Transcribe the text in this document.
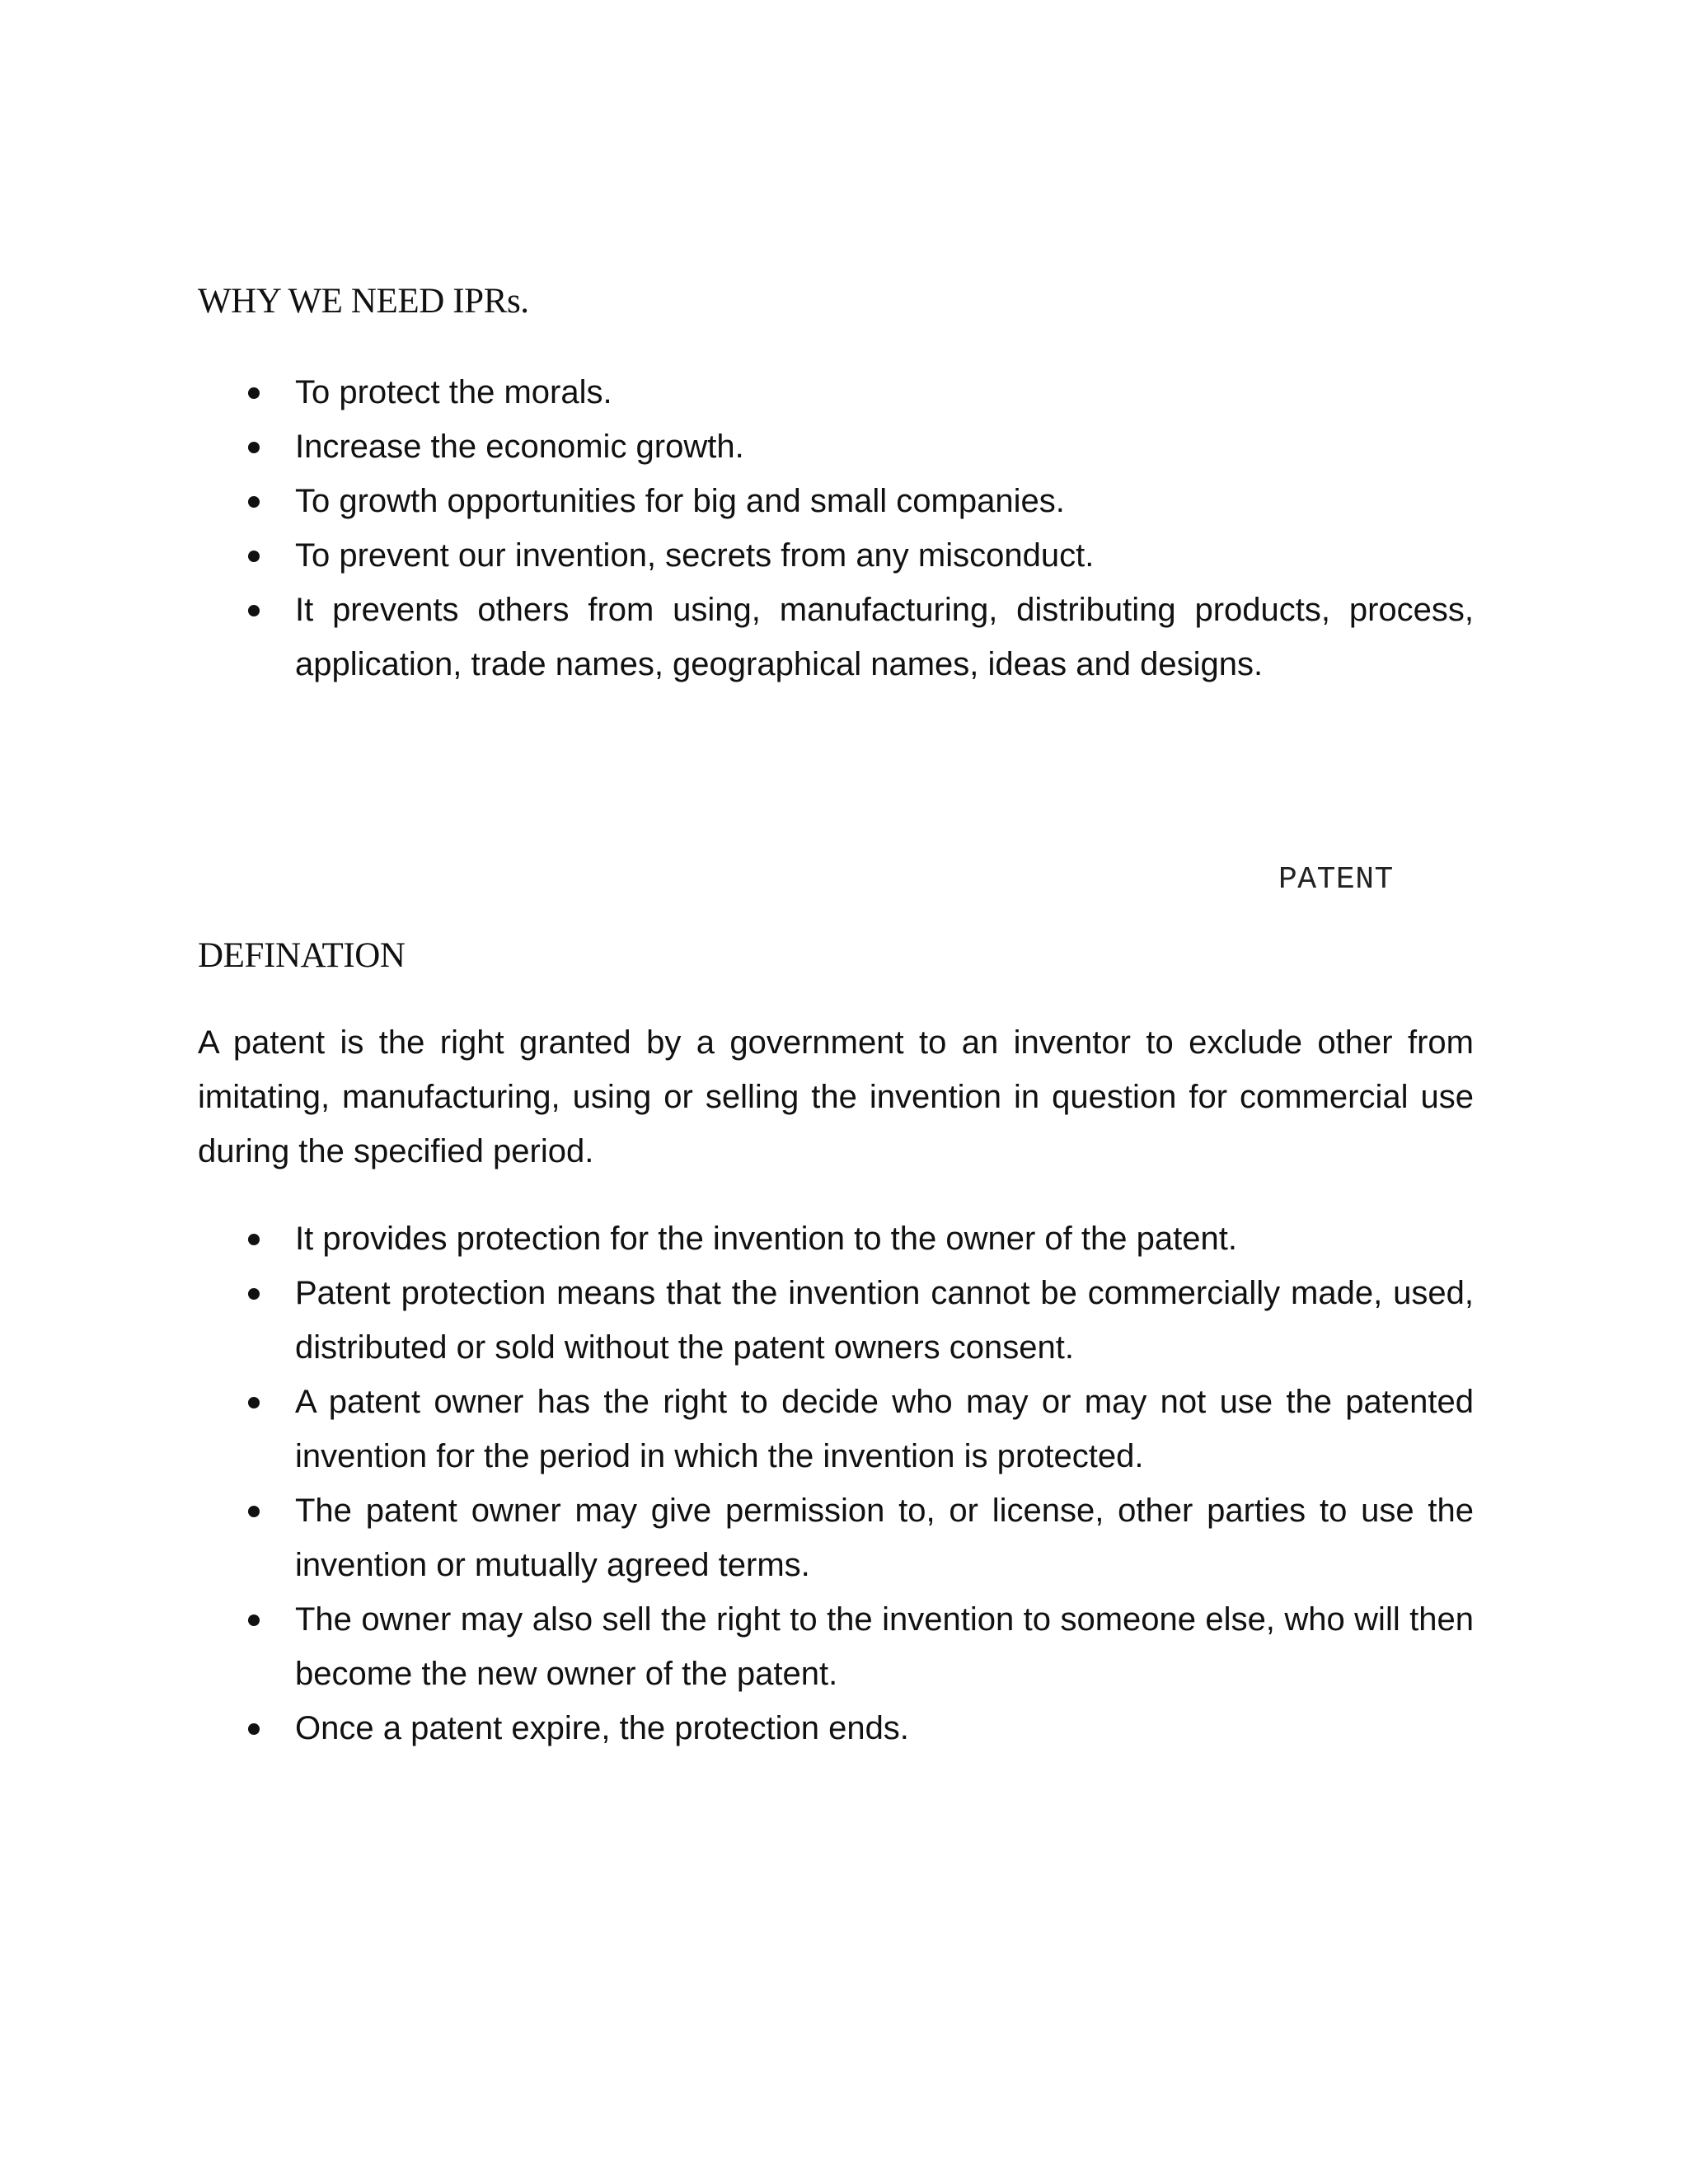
WHY WE NEED IPRs.
To protect the morals.
Increase the economic growth.
To growth opportunities for big and small companies.
To prevent our invention, secrets from any misconduct.
It prevents others from using, manufacturing, distributing products, process, application, trade names, geographical names, ideas and designs.
PATENT
DEFINATION

A patent is the right granted by a government to an inventor to exclude other from imitating, manufacturing, using or selling the invention in question for commercial use during the specified period.

It provides protection for the invention to the owner of the patent.
Patent protection means that the invention cannot be commercially made, used, distributed or sold without the patent owners consent.
A patent owner has the right to decide who may or may not use the patented invention for the period in which the invention is protected.
The patent owner may give permission to, or license, other parties to use the invention or mutually agreed terms.
The owner may also sell the right to the invention to someone else, who will then become the new owner of the patent.
Once a patent expire, the protection ends.
